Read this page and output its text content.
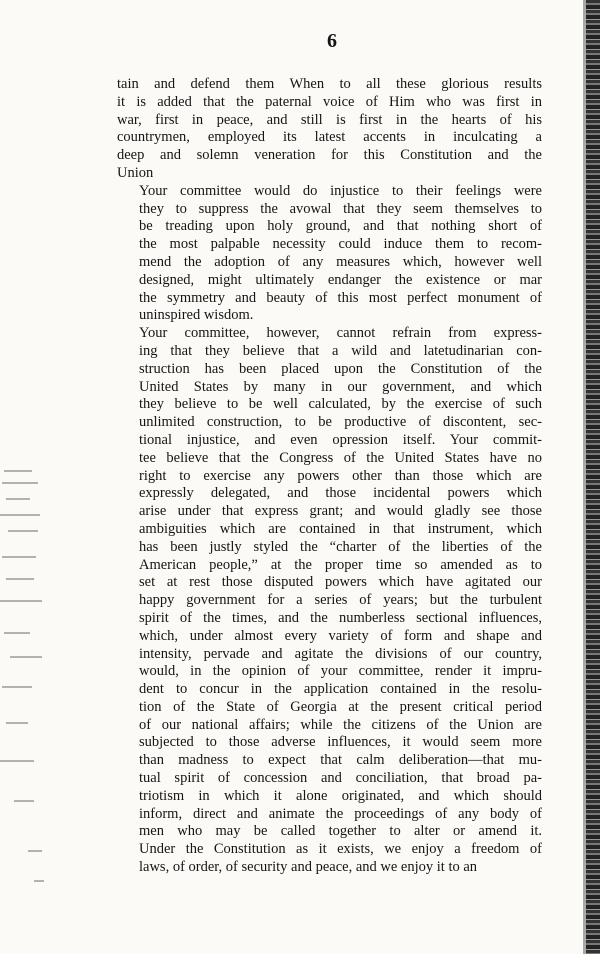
6

tain and defend them When to all these glorious results
it is added that the paternal voice of Him who was first in
war, first in peace, and still is first in the hearts of his
countrymen, employed its latest accents in inculcating a
deep and solemn veneration for this Constitution and the
Union

Your committee would do injustice to their feelings were
they to suppress the avowal that they seem themselves to
be treading upon holy ground, and that nothing short of
the most palpable necessity could induce them to recom-
mend the adoption of any measures which, however well
designed, might ultimately endanger the existence or mar
the symmetry and beauty of this most perfect monument of
uninspired wisdom.

Your committee, however, cannot refrain from express-
ing that they believe that a wild and latetudinarian con-
struction has been placed upon the Constitution of the
United States by many in our government, and which
they believe to be well calculated, by the exercise of such
unlimited construction, to be productive of discontent, sec-
tional injustice, and even opression itself. Your commit-
tee believe that the Congress of the United States have no
right to exercise any powers other than those which are
expressly delegated, and those incidental powers which
arise under that express grant; and would gladly see those
ambiguities which are contained in that instrument, which
has been justly styled the “charter of the liberties of the
American people,” at the proper time so amended as to
set at rest those disputed powers which have agitated our
happy government for a series of years; but the turbulent
spirit of the times, and the numberless sectional influences,
which, under almost every variety of form and shape and
intensity, pervade and agitate the divisions of our country,
would, in the opinion of your committee, render it impru-
dent to concur in the application contained in the resolu-
tion of the State of Georgia at the present critical period
of our national affairs; while the citizens of the Union are
subjected to those adverse influences, it would seem more
than madness to expect that calm deliberation—that mu-
tual spirit of concession and conciliation, that broad pa-
triotism in which it alone originated, and which should
inform, direct and animate the proceedings of any body of
men who may be called together to alter or amend it.
Under the Constitution as it exists, we enjoy a freedom of
laws, of order, of security and peace, and we enjoy it to an
